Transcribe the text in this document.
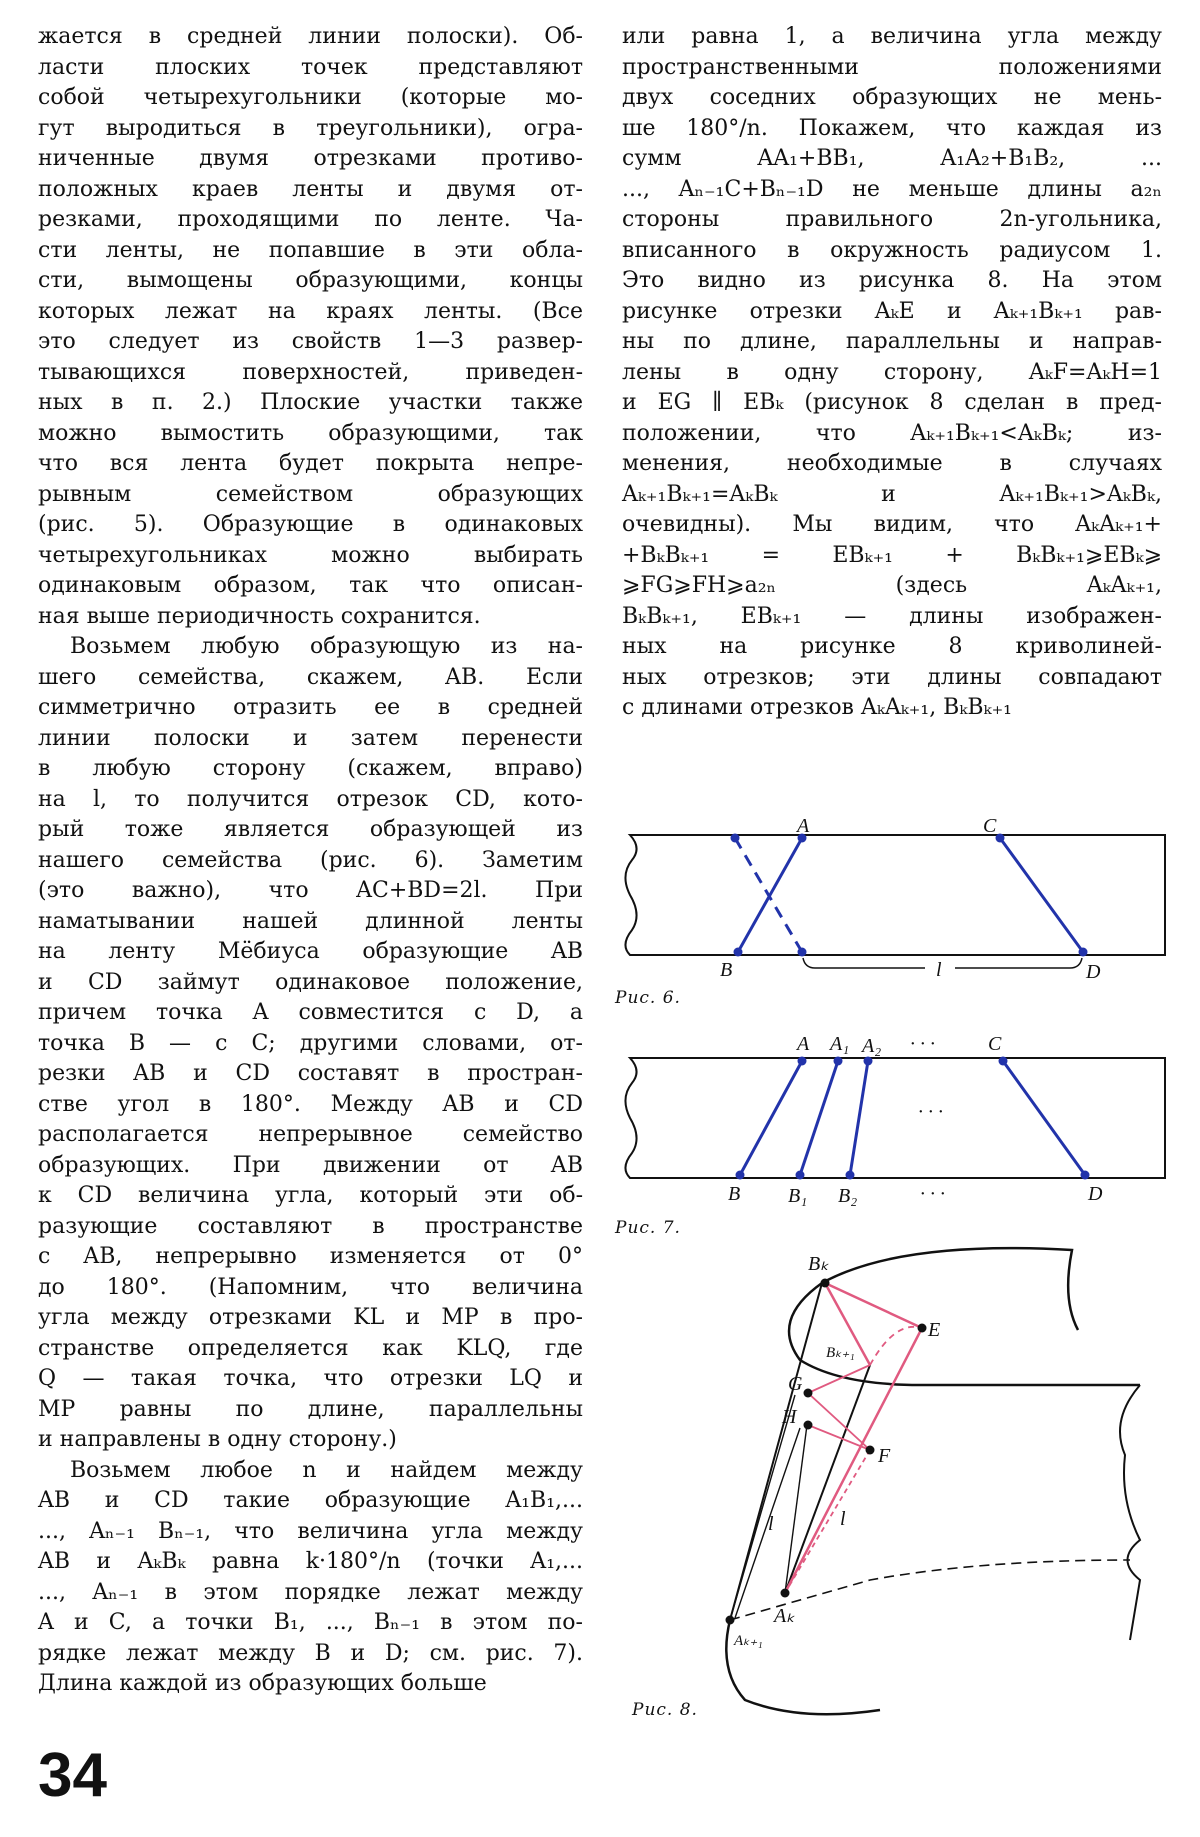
жается в средней линии полоски). Об-
ласти плоских точек представляют
собой четырехугольники (которые мо-
гут выродиться в треугольники), огра-
ниченные двумя отрезками противо-
положных краев ленты и двумя от-
резками, проходящими по ленте. Ча-
сти ленты, не попавшие в эти обла-
сти, вымощены образующими, концы
которых лежат на краях ленты. (Все
это следует из свойств 1—3 развер-
тывающихся поверхностей, приведен-
ных в п. 2.) Плоские участки также
можно вымостить образующими, так
что вся лента будет покрыта непре-
рывным семейством образующих
(рис. 5). Образующие в одинаковых
четырехугольниках можно выбирать
одинаковым образом, так что описан-
ная выше периодичность сохранится.
Возьмем любую образующую из на-
шего семейства, скажем, AB. Если
симметрично отразить ее в средней
линии полоски и затем перенести
в любую сторону (скажем, вправо)
на l, то получится отрезок CD, кото-
рый тоже является образующей из
нашего семейства (рис. 6). Заметим
(это важно), что AC+BD=2l. При
наматывании нашей длинной ленты
на ленту Мёбиуса образующие AB
и CD займут одинаковое положение,
причем точка A совместится с D, а
точка B — с C; другими словами, от-
резки AB и CD составят в простран-
стве угол в 180°. Между AB и CD
располагается непрерывное семейство
образующих. При движении от AB
к CD величина угла, который эти об-
разующие составляют в пространстве
с AB, непрерывно изменяется от 0°
до 180°. (Напомним, что величина
угла между отрезками KL и MP в про-
странстве определяется как KLQ, где
Q — такая точка, что отрезки LQ и
MP равны по длине, параллельны
и направлены в одну сторону.)
Возьмем любое n и найдем между
AB и CD такие образующие A₁B₁,...
..., Aₙ₋₁ Bₙ₋₁, что величина угла между
AB и AₖBₖ равна k·180°/n (точки A₁,...
..., Aₙ₋₁ в этом порядке лежат между
A и C, а точки B₁, ..., Bₙ₋₁ в этом по-
рядке лежат между B и D; см. рис. 7).
Длина каждой из образующих больше
или равна 1, а величина угла между
пространственными положениями
двух соседних образующих не мень-
ше 180°/n. Покажем, что каждая из
сумм AA₁+BB₁, A₁A₂+B₁B₂, ...
..., Aₙ₋₁C+Bₙ₋₁D не меньше длины a₂ₙ
стороны правильного 2n-угольника,
вписанного в окружность радиусом 1.
Это видно из рисунка 8. На этом
рисунке отрезки AₖE и Aₖ₊₁Bₖ₊₁ рав-
ны по длине, параллельны и направ-
лены в одну сторону, AₖF=AₖH=1
и EG ∥ EBₖ (рисунок 8 сделан в пред-
положении, что Aₖ₊₁Bₖ₊₁<AₖBₖ; из-
менения, необходимые в случаях
Aₖ₊₁Bₖ₊₁=AₖBₖ и Aₖ₊₁Bₖ₊₁>AₖBₖ,
очевидны). Мы видим, что AₖAₖ₊₁+
+BₖBₖ₊₁ = EBₖ₊₁ + BₖBₖ₊₁⩾EBₖ⩾
⩾FG⩾FH⩾a₂ₙ (здесь AₖAₖ₊₁,
BₖBₖ₊₁, EBₖ₊₁ — длины изображен-
ных на рисунке 8 криволиней-
ных отрезков; эти длины совпадают
с длинами отрезков AₖAₖ₊₁, BₖBₖ₊₁
A
B
C
D
l
A A₁ A₂ · · ·	C
· · ·
B B₁ B₂	· · ·	D
Bₖ
Bₖ₊₁
E
G
H
F
l	l
Aₖ
Aₖ₊₁
Рис. 6.
Рис. 7.
Рис. 8.
34
